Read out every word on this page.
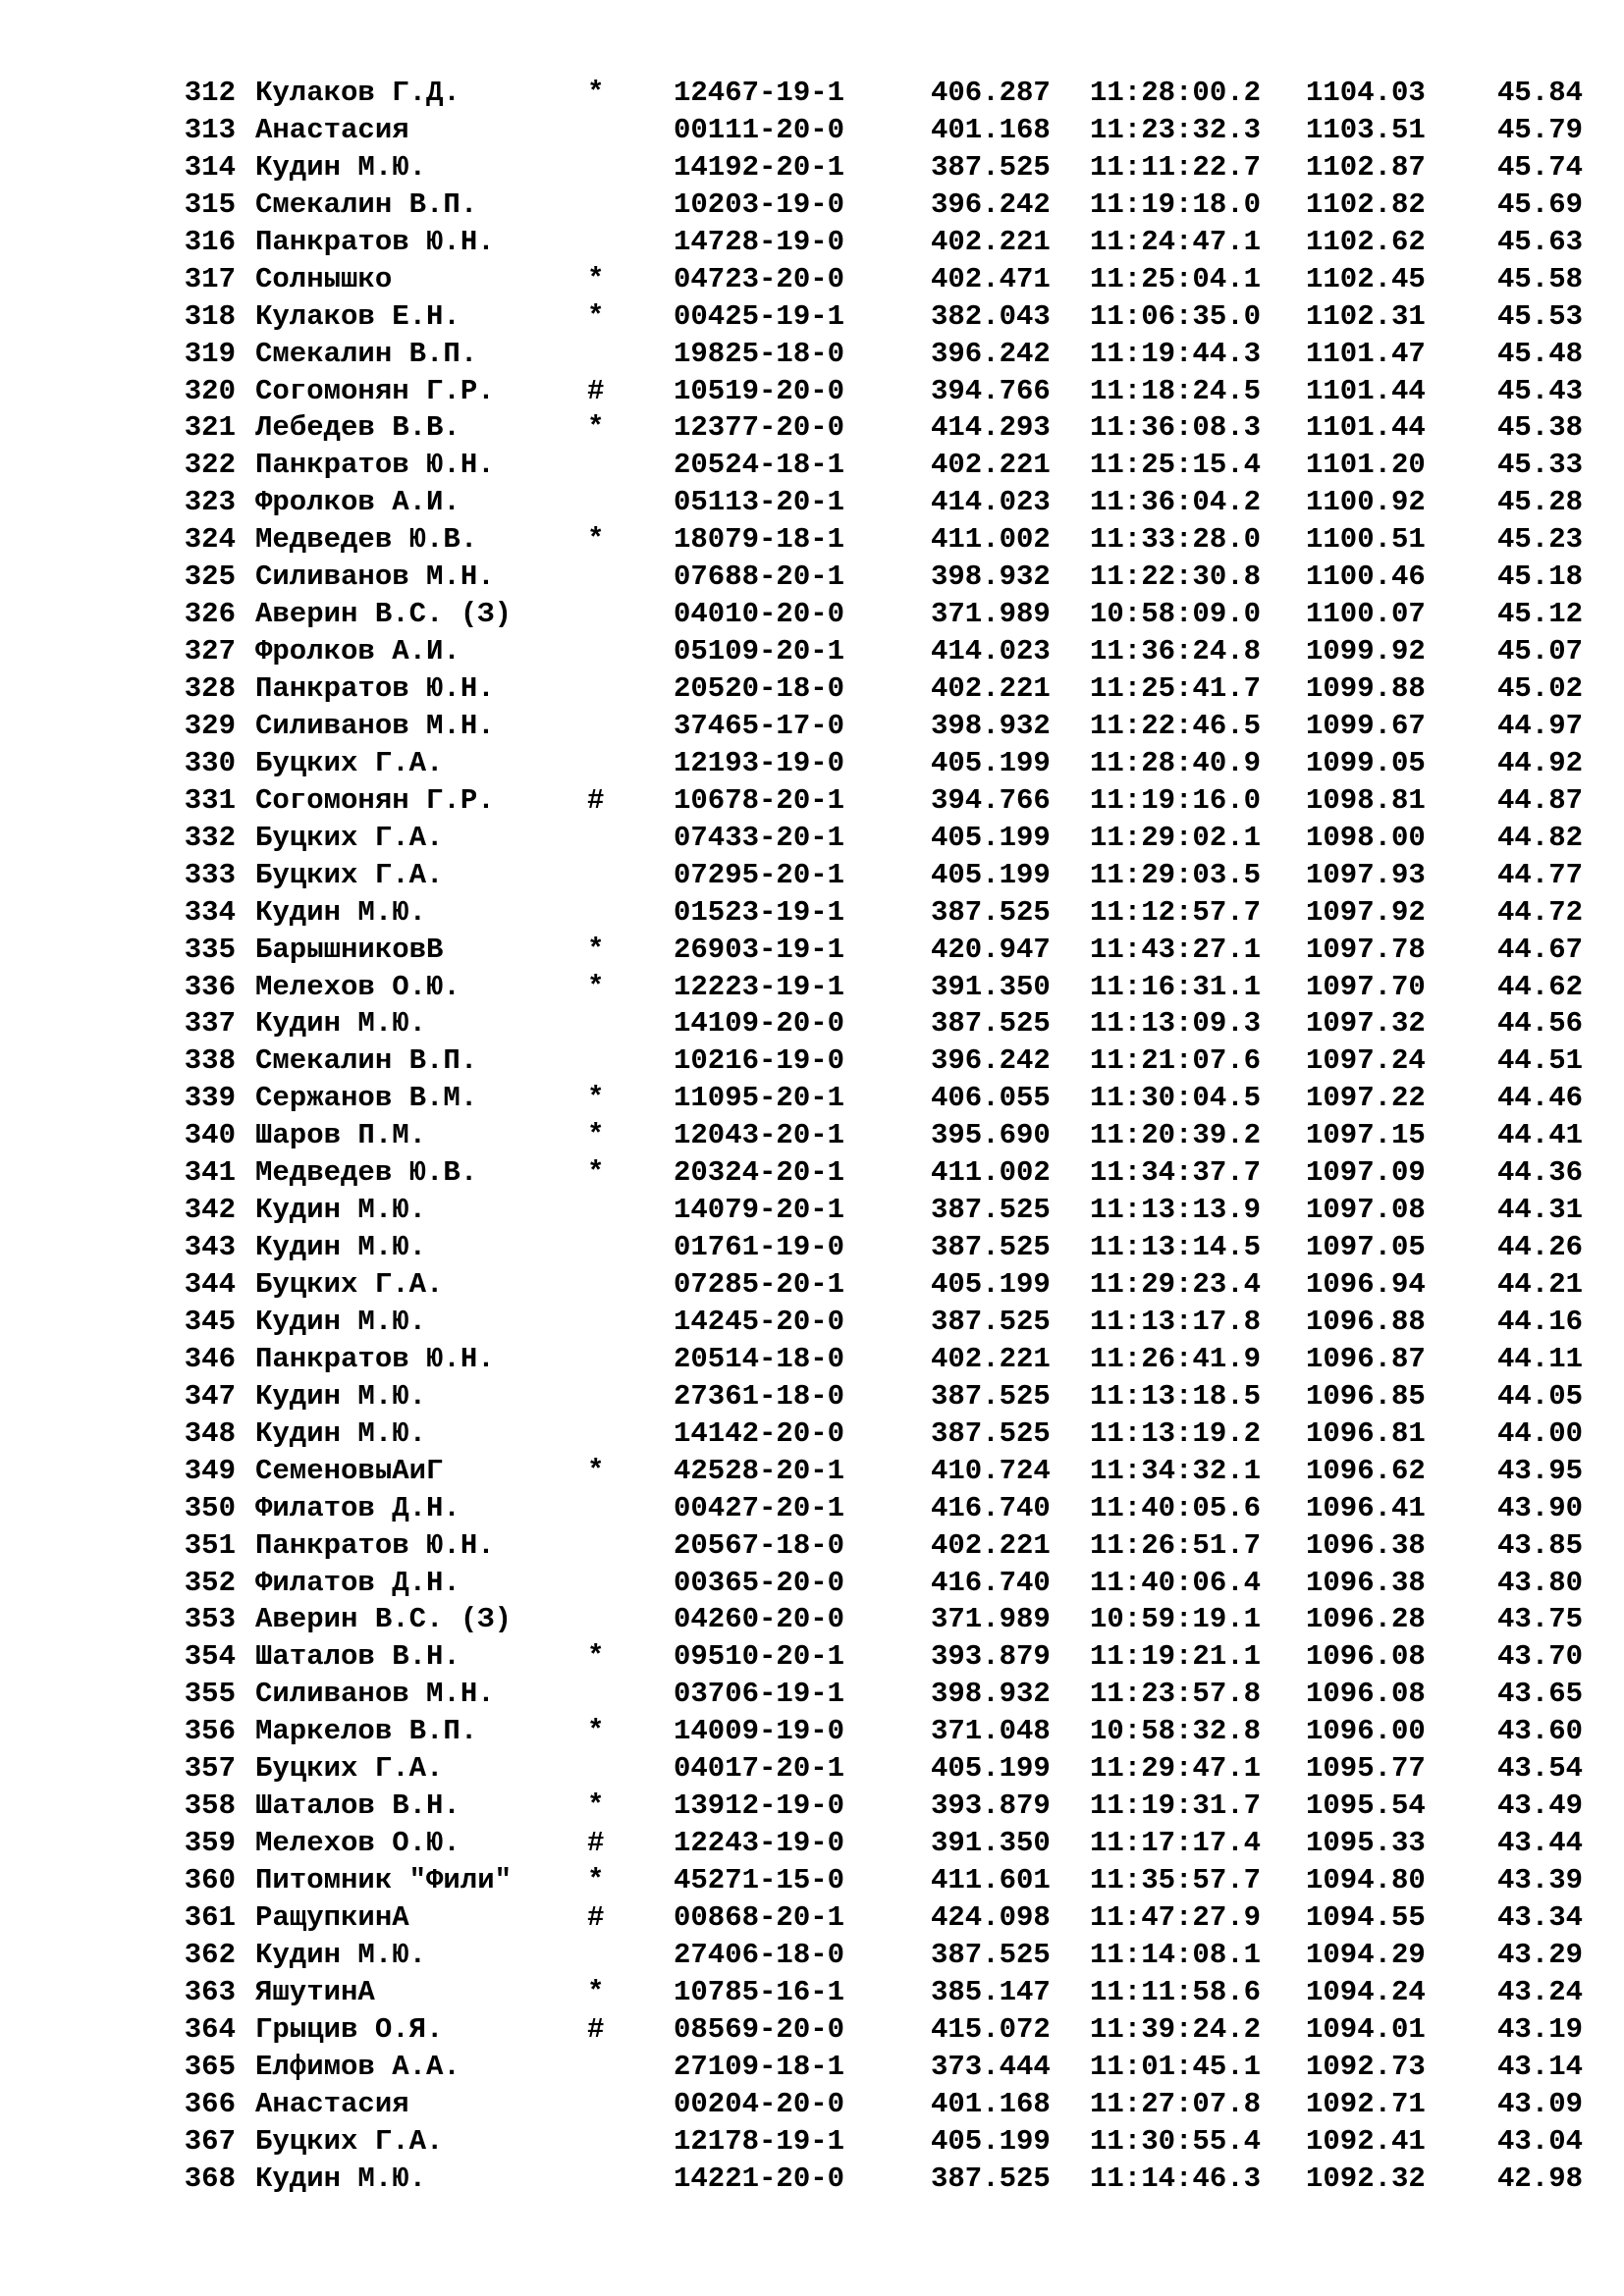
312 Кулаков Г.Д.	* 12467-19-1	406.287 11:28:00.2 1104.03	45.84
313 Анастасия	00111-20-0	401.168 11:23:32.3 1103.51	45.79
314 Кудин М.Ю.	14192-20-1	387.525 11:11:22.7 1102.87	45.74
315 Смекалин В.П.	10203-19-0	396.242 11:19:18.0 1102.82	45.69
316 Панкратов Ю.Н.	14728-19-0	402.221 11:24:47.1 1102.62	45.63
317 Солнышко	* 04723-20-0	402.471 11:25:04.1 1102.45	45.58
318 Кулаков Е.Н.	* 00425-19-1	382.043 11:06:35.0 1102.31	45.53
319 Смекалин В.П.	19825-18-0	396.242 11:19:44.3 1101.47	45.48
320 Согомонян Г.Р.	# 10519-20-0	394.766 11:18:24.5 1101.44	45.43
321 Лебедев В.В.	* 12377-20-0	414.293 11:36:08.3 1101.44	45.38
322 Панкратов Ю.Н.	20524-18-1	402.221 11:25:15.4 1101.20	45.33
323 Фролков А.И.	05113-20-1	414.023 11:36:04.2 1100.92	45.28
324 Медведев Ю.В.	* 18079-18-1	411.002 11:33:28.0 1100.51	45.23
325 Силиванов М.Н.	07688-20-1	398.932 11:22:30.8 1100.46	45.18
326 Аверин В.С. (З)	04010-20-0	371.989 10:58:09.0 1100.07	45.12
327 Фролков А.И.	05109-20-1	414.023 11:36:24.8 1099.92	45.07
328 Панкратов Ю.Н.	20520-18-0	402.221 11:25:41.7 1099.88	45.02
329 Силиванов М.Н.	37465-17-0	398.932 11:22:46.5 1099.67	44.97
330 Буцких Г.А.	12193-19-0	405.199 11:28:40.9 1099.05	44.92
331 Согомонян Г.Р.	# 10678-20-1	394.766 11:19:16.0 1098.81	44.87
332 Буцких Г.А.	07433-20-1	405.199 11:29:02.1 1098.00	44.82
333 Буцких Г.А.	07295-20-1	405.199 11:29:03.5 1097.93	44.77
334 Кудин М.Ю.	01523-19-1	387.525 11:12:57.7 1097.92	44.72
335 БарышниковВ	* 26903-19-1	420.947 11:43:27.1 1097.78	44.67
336 Мелехов О.Ю.	* 12223-19-1	391.350 11:16:31.1 1097.70	44.62
337 Кудин М.Ю.	14109-20-0	387.525 11:13:09.3 1097.32	44.56
338 Смекалин В.П.	10216-19-0	396.242 11:21:07.6 1097.24	44.51
339 Сержанов В.М.	* 11095-20-1	406.055 11:30:04.5 1097.22	44.46
340 Шаров П.М.	* 12043-20-1	395.690 11:20:39.2 1097.15	44.41
341 Медведев Ю.В.	* 20324-20-1	411.002 11:34:37.7 1097.09	44.36
342 Кудин М.Ю.	14079-20-1	387.525 11:13:13.9 1097.08	44.31
343 Кудин М.Ю.	01761-19-0	387.525 11:13:14.5 1097.05	44.26
344 Буцких Г.А.	07285-20-1	405.199 11:29:23.4 1096.94	44.21
345 Кудин М.Ю.	14245-20-0	387.525 11:13:17.8 1096.88	44.16
346 Панкратов Ю.Н.	20514-18-0	402.221 11:26:41.9 1096.87	44.11
347 Кудин М.Ю.	27361-18-0	387.525 11:13:18.5 1096.85	44.05
348 Кудин М.Ю.	14142-20-0	387.525 11:13:19.2 1096.81	44.00
349 СеменовыАиГ	* 42528-20-1	410.724 11:34:32.1 1096.62	43.95
350 Филатов Д.Н.	00427-20-1	416.740 11:40:05.6 1096.41	43.90
351 Панкратов Ю.Н.	20567-18-0	402.221 11:26:51.7 1096.38	43.85
352 Филатов Д.Н.	00365-20-0	416.740 11:40:06.4 1096.38	43.80
353 Аверин В.С. (З)	04260-20-0	371.989 10:59:19.1 1096.28	43.75
354 Шаталов В.Н.	* 09510-20-1	393.879 11:19:21.1 1096.08	43.70
355 Силиванов М.Н.	03706-19-1	398.932 11:23:57.8 1096.08	43.65
356 Маркелов В.П.	* 14009-19-0	371.048 10:58:32.8 1096.00	43.60
357 Буцких Г.А.	04017-20-1	405.199 11:29:47.1 1095.77	43.54
358 Шаталов В.Н.	* 13912-19-0	393.879 11:19:31.7 1095.54	43.49
359 Мелехов О.Ю.	# 12243-19-0	391.350 11:17:17.4 1095.33	43.44
360 Питомник "Фили"	* 45271-15-0	411.601 11:35:57.7 1094.80	43.39
361 РащупкинА	# 00868-20-1	424.098 11:47:27.9 1094.55	43.34
362 Кудин М.Ю.	27406-18-0	387.525 11:14:08.1 1094.29	43.29
363 ЯшутинА	* 10785-16-1	385.147 11:11:58.6 1094.24	43.24
364 Грыцив О.Я.	# 08569-20-0	415.072 11:39:24.2 1094.01	43.19
365 Елфимов А.А.	27109-18-1	373.444 11:01:45.1 1092.73	43.14
366 Анастасия	00204-20-0	401.168 11:27:07.8 1092.71	43.09
367 Буцких Г.А.	12178-19-1	405.199 11:30:55.4 1092.41	43.04
368 Кудин М.Ю.	14221-20-0	387.525 11:14:46.3 1092.32	42.98
